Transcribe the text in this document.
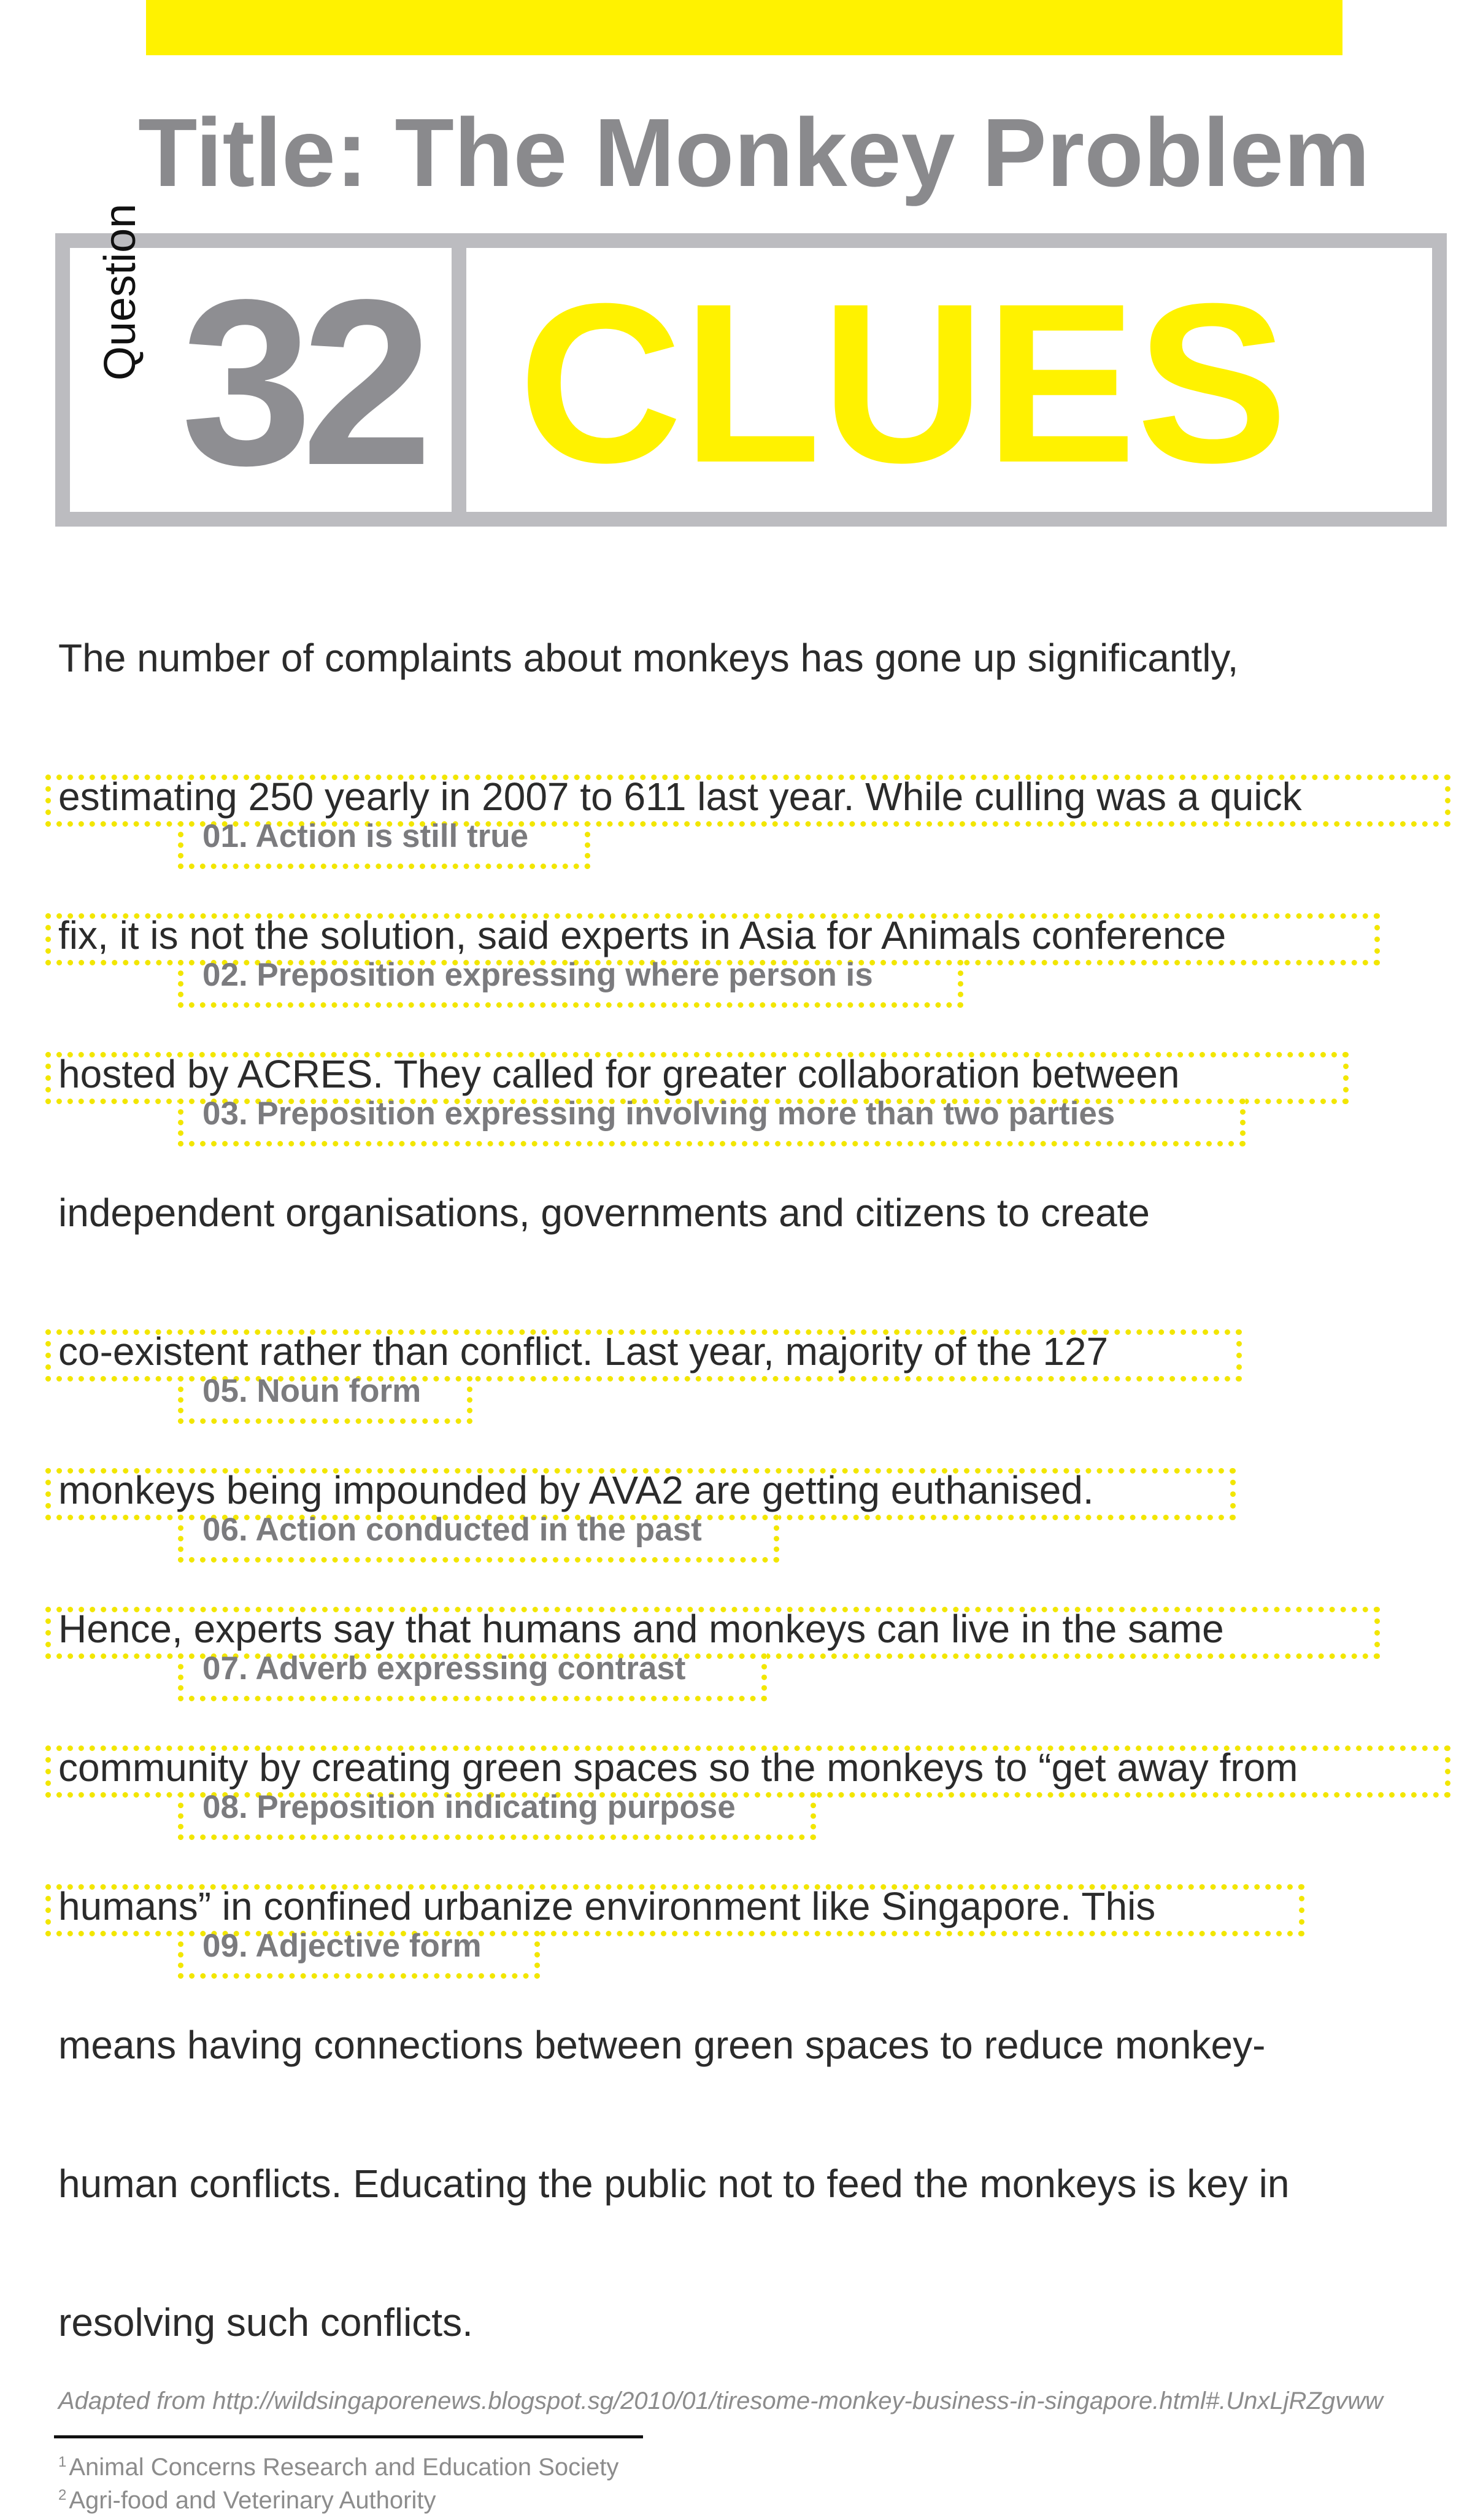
Title: The Monkey Problem
Question 32 CLUES
The number of complaints about monkeys has gone up significantly,
estimating 250 yearly in 2007 to 611 last year. While culling was a quick
fix, it is not the solution, said experts in Asia for Animals conference
hosted by ACRES. They called for greater collaboration between
independent organisations, governments and citizens to create
co-existent rather than conflict. Last year, majority of the 127
monkeys being impounded by AVA2 are getting euthanised.
Hence, experts say that humans and monkeys can live in the same
community by creating green spaces so the monkeys to “get away from
humans” in confined urbanize environment like Singapore. This
means having connections between green spaces to reduce monkey-
human conflicts. Educating the public not to feed the monkeys is key in
resolving such conflicts.
01. Action is still true
02. Preposition expressing where person is
03. Preposition expressing involving more than two parties
05. Noun form
06. Action conducted in the past
07. Adverb expressing contrast
08. Preposition indicating purpose
09. Adjective form
Adapted from http://wildsingaporenews.blogspot.sg/2010/01/tiresome-monkey-business-in-singapore.html#.UnxLjRZgvww
$^1$ Animal Concerns Research and Education Society
$^2$ Agri-food and Veterinary Authority
